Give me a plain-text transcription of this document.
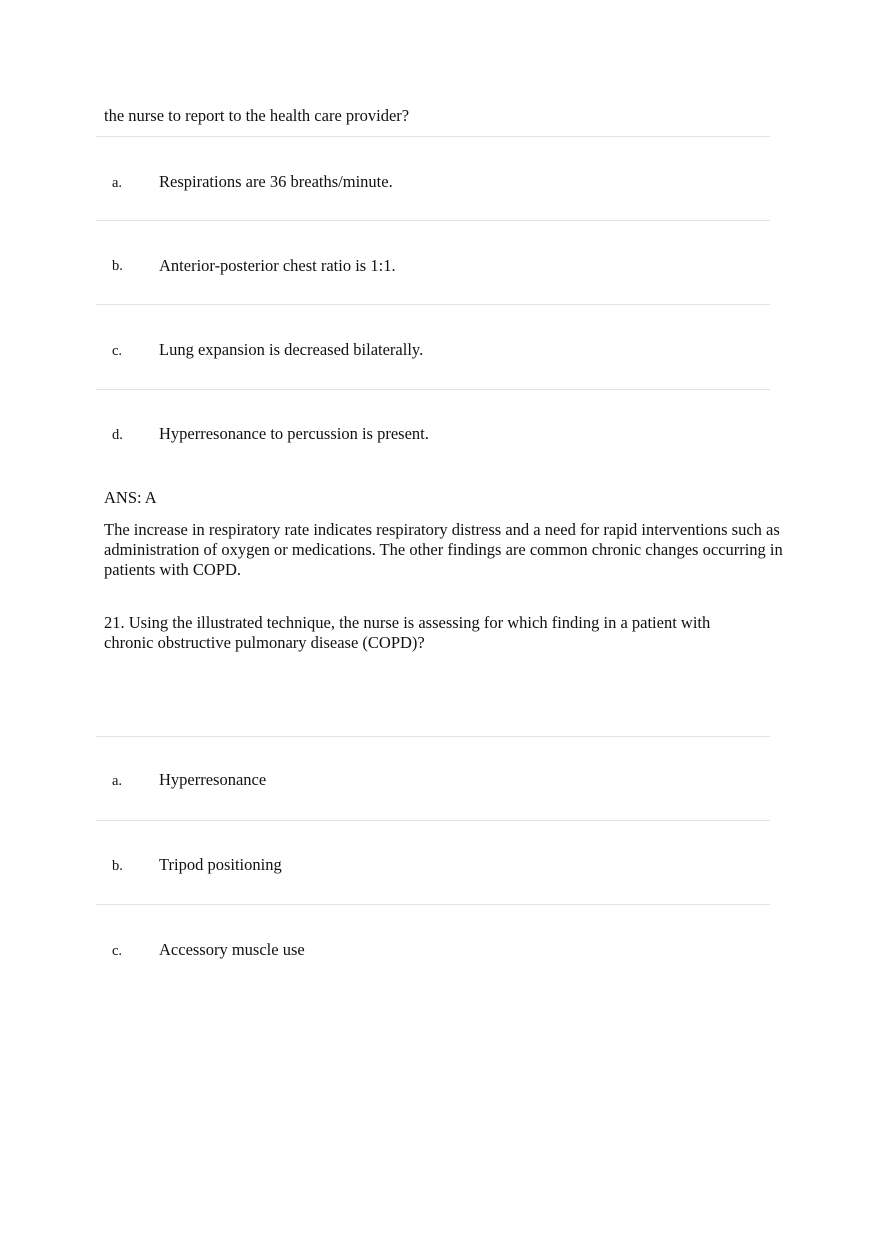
the nurse to report to the health care provider?
a. Respirations are 36 breaths/minute.
b. Anterior-posterior chest ratio is 1:1.
c. Lung expansion is decreased bilaterally.
d. Hyperresonance to percussion is present.
ANS: A
The increase in respiratory rate indicates respiratory distress and a need for rapid interventions such as administration of oxygen or medications. The other findings are common chronic changes occurring in patients with COPD.
21. Using the illustrated technique, the nurse is assessing for which finding in a patient with
chronic obstructive pulmonary disease (COPD)?
a. Hyperresonance
b. Tripod positioning
c. Accessory muscle use
